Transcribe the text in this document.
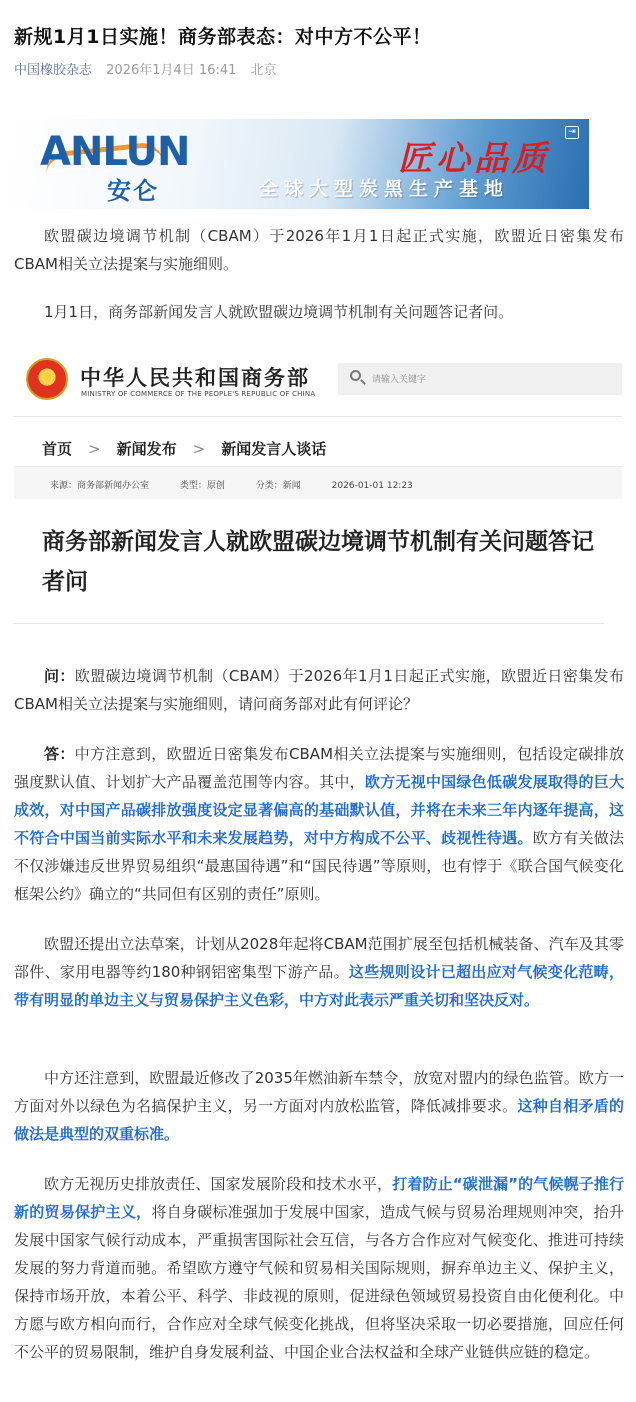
新规1月1日实施！商务部表态：对中方不公平！
中国橡胶杂志 2026年1月4日 16:41 北京
ANLUN
安仑
匠心品质
全球大型炭黑生产基地
⇥

欧盟碳边境调节机制（CBAM）于2026年1月1日起正式实施，欧盟近日密集发布CBAM相关立法提案与实施细则。

1月1日，商务部新闻发言人就欧盟碳边境调节机制有关问题答记者问。

★ 中华人民共和国商务部
MINISTRY OF COMMERCE OF THE PEOPLE'S REPUBLIC OF CHINA
请输入关键字
首页 > 新闻发布 > 新闻发言人谈话
来源：商务部新闻办公室	类型：原创	分类：新闻	2026-01-01 12:23
商务部新闻发言人就欧盟碳边境调节机制有关问题答记者问

问：欧盟碳边境调节机制（CBAM）于2026年1月1日起正式实施，欧盟近日密集发布CBAM相关立法提案与实施细则，请问商务部对此有何评论？

答：中方注意到，欧盟近日密集发布CBAM相关立法提案与实施细则，包括设定碳排放强度默认值、计划扩大产品覆盖范围等内容。其中，欧方无视中国绿色低碳发展取得的巨大成效，对中国产品碳排放强度设定显著偏高的基础默认值，并将在未来三年内逐年提高，这不符合中国当前实际水平和未来发展趋势，对中方构成不公平、歧视性待遇。欧方有关做法不仅涉嫌违反世界贸易组织“最惠国待遇”和“国民待遇”等原则，也有悖于《联合国气候变化框架公约》确立的“共同但有区别的责任”原则。

欧盟还提出立法草案，计划从2028年起将CBAM范围扩展至包括机械装备、汽车及其零部件、家用电器等约180种钢铝密集型下游产品。这些规则设计已超出应对气候变化范畴，带有明显的单边主义与贸易保护主义色彩，中方对此表示严重关切和坚决反对。

中方还注意到，欧盟最近修改了2035年燃油新车禁令，放宽对盟内的绿色监管。欧方一方面对外以绿色为名搞保护主义，另一方面对内放松监管，降低减排要求。这种自相矛盾的做法是典型的双重标准。

欧方无视历史排放责任、国家发展阶段和技术水平，打着防止“碳泄漏”的气候幌子推行新的贸易保护主义，将自身碳标准强加于发展中国家，造成气候与贸易治理规则冲突，抬升发展中国家气候行动成本，严重损害国际社会互信，与各方合作应对气候变化、推进可持续发展的努力背道而驰。希望欧方遵守气候和贸易相关国际规则，摒弃单边主义、保护主义，保持市场开放，本着公平、科学、非歧视的原则，促进绿色领域贸易投资自由化便利化。中方愿与欧方相向而行，合作应对全球气候变化挑战，但将坚决采取一切必要措施，回应任何不公平的贸易限制，维护自身发展利益、中国企业合法权益和全球产业链供应链的稳定。
